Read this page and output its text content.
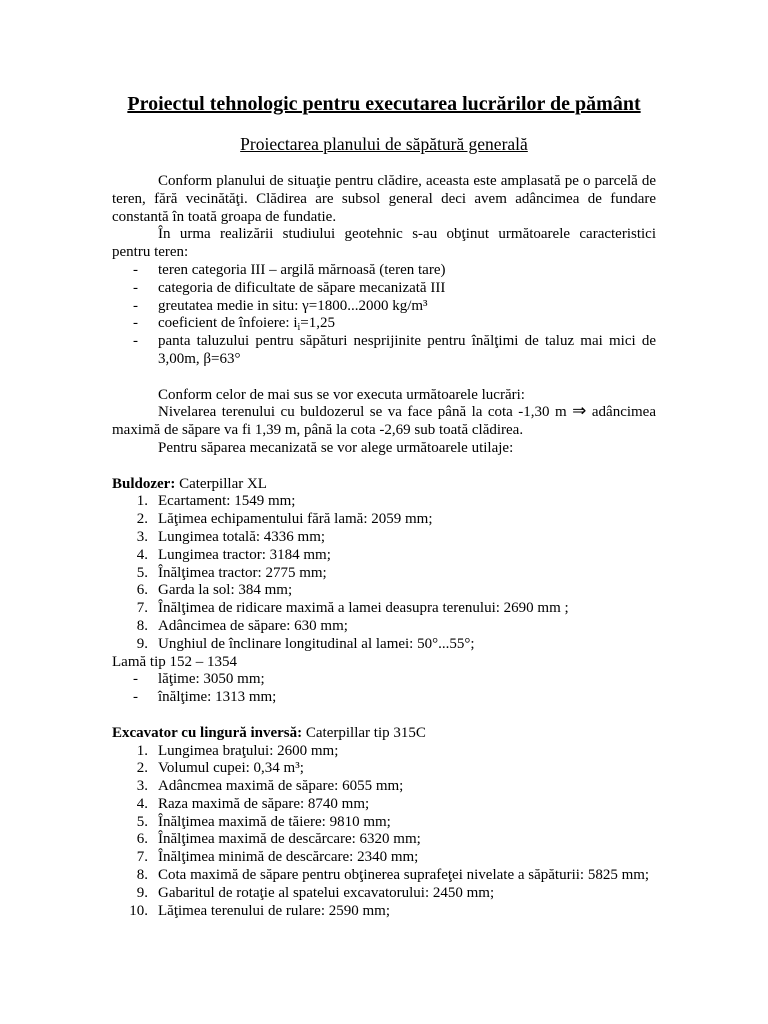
Proiectul tehnologic pentru executarea lucrărilor de pământ
Proiectarea planului de săpătură generală
Conform planului de situaţie pentru clădire, aceasta este amplasată pe o parcelă de
teren, fără vecinătăţi. Clădirea are subsol general deci avem adâncimea de fundare
constantă în toată groapa de fundatie.
În urma realizării studiului geotehnic s-au obţinut următoarele caracteristici
pentru teren:
- teren categoria III – argilă mărnoasă (teren tare)
- categoria de dificultate de săpare mecanizată III
- greutatea medie in situ: γ=1800...2000 kg/m³
- coeficient de înfoiere: $i_i=1,25$
- panta taluzului pentru săpături nesprijinite pentru înălţimi de taluz mai mici de
3,00m, β=63°
Conform celor de mai sus se vor executa următoarele lucrări:
Nivelarea terenului cu buldozerul se va face până la cota -1,30 m ⇒ adâncimea
maximă de săpare va fi 1,39 m, până la cota -2,69 sub toată clădirea.
Pentru săparea mecanizată se vor alege următoarele utilaje:
Buldozer: Caterpillar XL
1. Ecartament: 1549 mm;
2. Lăţimea echipamentului fără lamă: 2059 mm;
3. Lungimea totală: 4336 mm;
4. Lungimea tractor: 3184 mm;
5. Înălţimea tractor: 2775 mm;
6. Garda la sol: 384 mm;
7. Înălţimea de ridicare maximă a lamei deasupra terenului: 2690 mm ;
8. Adâncimea de săpare: 630 mm;
9. Unghiul de înclinare longitudinal al lamei: 50°...55°;
Lamă tip 152 – 1354
- lăţime: 3050 mm;
- înălţime: 1313 mm;
Excavator cu lingură inversă: Caterpillar tip 315C
1. Lungimea braţului: 2600 mm;
2. Volumul cupei: 0,34 m³;
3. Adâncmea maximă de săpare: 6055 mm;
4. Raza maximă de săpare: 8740 mm;
5. Înălţimea maximă de tăiere: 9810 mm;
6. Înălţimea maximă de descărcare: 6320 mm;
7. Înălţimea minimă de descărcare: 2340 mm;
8. Cota maximă de săpare pentru obţinerea suprafeţei nivelate a săpăturii: 5825 mm;
9. Gabaritul de rotaţie al spatelui excavatorului: 2450 mm;
10. Lăţimea terenului de rulare: 2590 mm;
